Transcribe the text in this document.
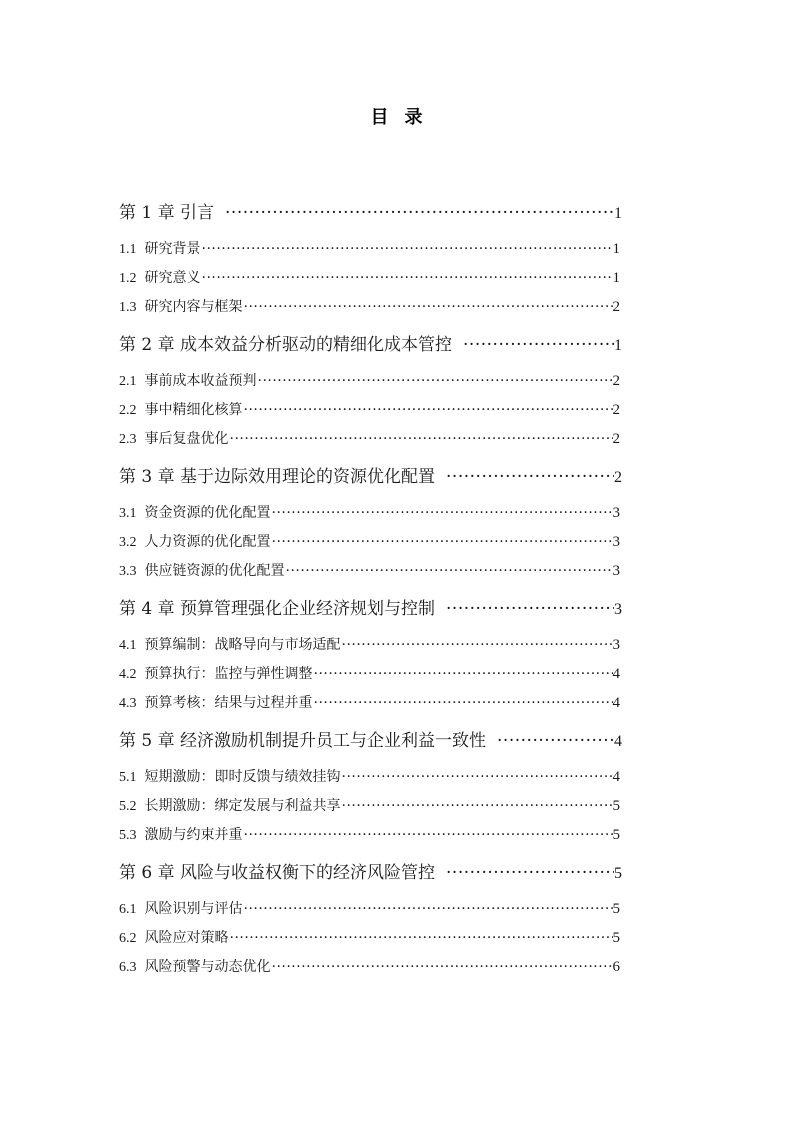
目录
第 1 章 引言 ·····	1
1.1 研究背景 ·····	1
1.2 研究意义 ·····	1
1.3 研究内容与框架 ·····	2
第 2 章 成本效益分析驱动的精细化成本管控 ·····	1
2.1 事前成本收益预判 ·····	2
2.2 事中精细化核算 ·····	2
2.3 事后复盘优化 ·····	2
第 3 章 基于边际效用理论的资源优化配置 ·····	2
3.1 资金资源的优化配置 ·····	3
3.2 人力资源的优化配置 ·····	3
3.3 供应链资源的优化配置 ·····	3
第 4 章 预算管理强化企业经济规划与控制 ·····	3
4.1 预算编制：战略导向与市场适配 ·····	3
4.2 预算执行：监控与弹性调整 ·····	4
4.3 预算考核：结果与过程并重 ·····	4
第 5 章 经济激励机制提升员工与企业利益一致性 ·····	4
5.1 短期激励：即时反馈与绩效挂钩 ·····	4
5.2 长期激励：绑定发展与利益共享 ·····	5
5.3 激励与约束并重 ·····	5
第 6 章 风险与收益权衡下的经济风险管控 ·····	5
6.1 风险识别与评估 ·····	5
6.2 风险应对策略 ·····	5
6.3 风险预警与动态优化 ·····	6
